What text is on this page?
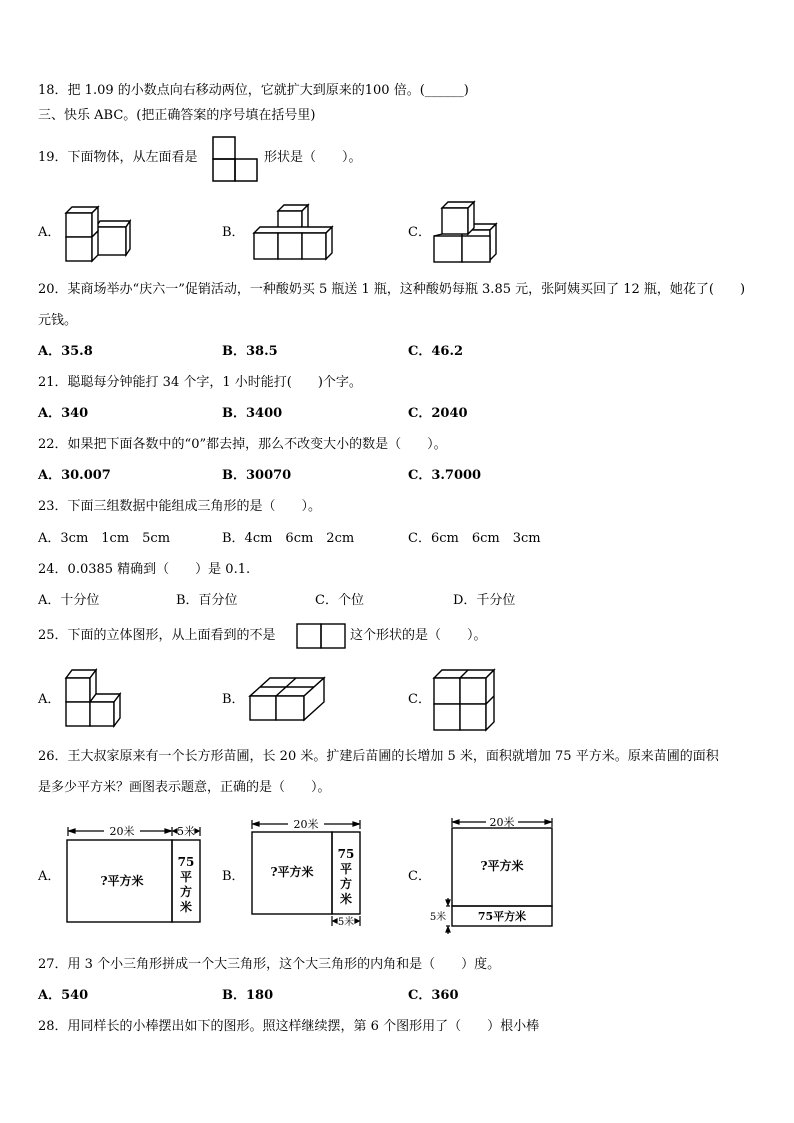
18．把 1.09 的小数点向右移动两位，它就扩大到原来的100 倍。(______)
三、快乐 ABC。(把正确答案的序号填在括号里)
19．下面物体，从左面看是	形状是（　　）。
A．	B．	C．
20．某商场举办“庆六一”促销活动，一种酸奶买 5 瓶送 1 瓶，这种酸奶每瓶 3.85 元，张阿姨买回了 12 瓶，她花了(　　)
元钱。
A．35.8	B．38.5	C．46.2
21．聪聪每分钟能打 34 个字，1 小时能打(　　)个字。
A．340	B．3400	C．2040
22．如果把下面各数中的“0”都去掉，那么不改变大小的数是（　　）。
A．30.007	B．30070	C．3.7000
23．下面三组数据中能组成三角形的是（　　）。
A．3cm　1cm　5cm	B．4cm　6cm　2cm	C．6cm　6cm　3cm
24．0.0385 精确到（　　）是 0.1.
A．十分位	B．百分位	C．个位	D．千分位
25．下面的立体图形，从上面看到的不是	这个形状的是（　　）。
A．	B．	C．
26．王大叔家原来有一个长方形苗圃，长 20 米。扩建后苗圃的长增加 5 米，面积就增加 75 平方米。原来苗圃的面积
是多少平方米？画图表示题意，正确的是（　　）。
A．
20米	5米
?平方米
75
平
方
米
B．
20米
5米
?平方米
75
平
方
米
C．
20米
5米
?平方米
75平方米
27．用 3 个小三角形拼成一个大三角形，这个大三角形的内角和是（　　）度。
A．540	B．180	C．360
28．用同样长的小棒摆出如下的图形。照这样继续摆，第 6 个图形用了（　　）根小棒
